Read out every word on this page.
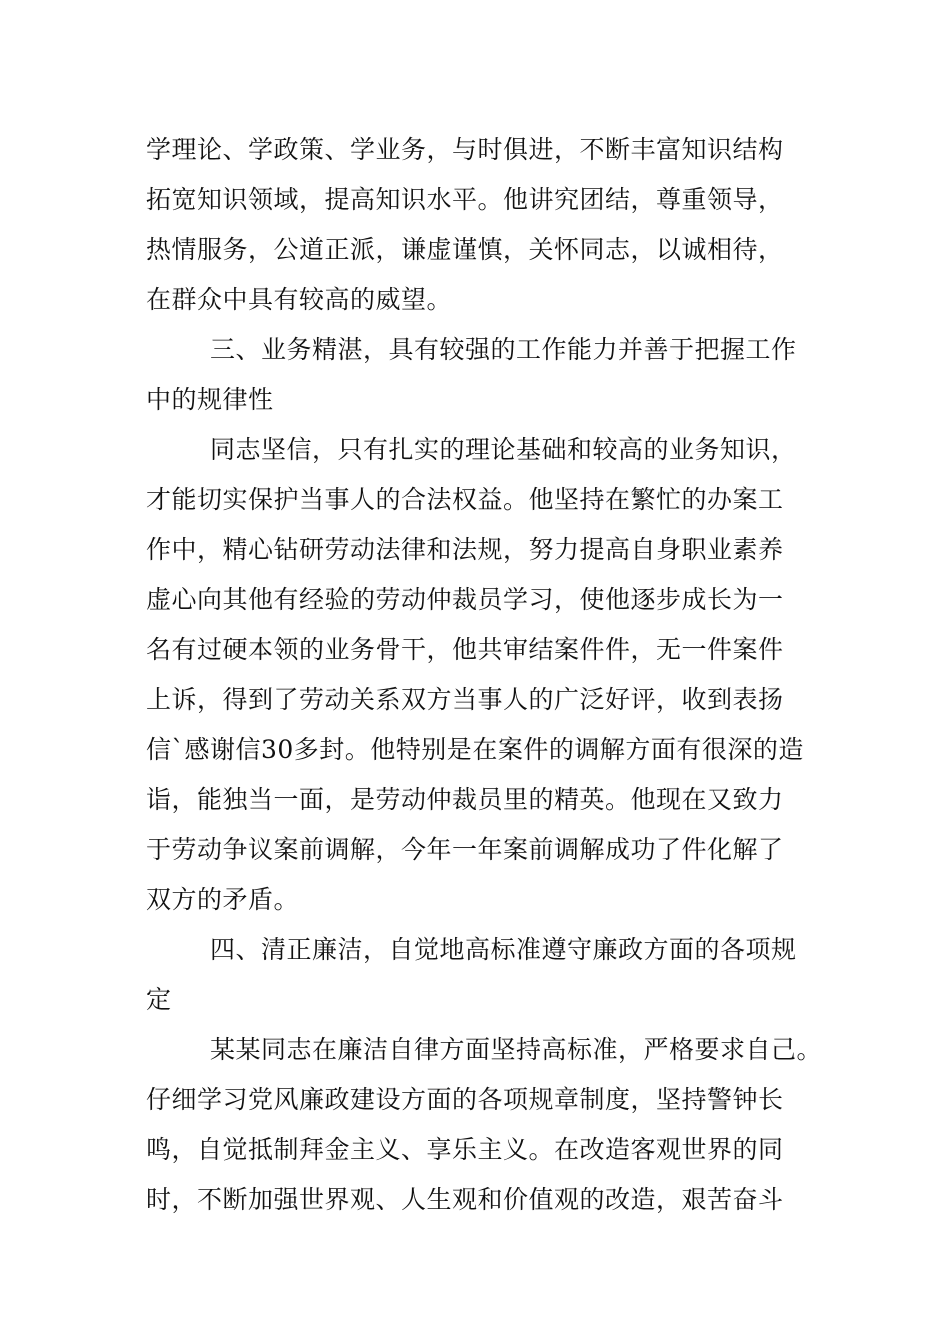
学理论、学政策、学业务，与时俱进，不断丰富知识结构
拓宽知识领域，提高知识水平。他讲究团结，尊重领导，
热情服务，公道正派，谦虚谨慎，关怀同志，以诚相待，
在群众中具有较高的威望。
三、业务精湛，具有较强的工作能力并善于把握工作
中的规律性
同志坚信，只有扎实的理论基础和较高的业务知识，
才能切实保护当事人的合法权益。他坚持在繁忙的办案工
作中，精心钻研劳动法律和法规，努力提高自身职业素养
虚心向其他有经验的劳动仲裁员学习，使他逐步成长为一
名有过硬本领的业务骨干，他共审结案件件，无一件案件
上诉，得到了劳动关系双方当事人的广泛好评，收到表扬
信`感谢信30多封。他特别是在案件的调解方面有很深的造
诣，能独当一面，是劳动仲裁员里的精英。他现在又致力
于劳动争议案前调解，今年一年案前调解成功了件化解了
双方的矛盾。
四、清正廉洁，自觉地高标准遵守廉政方面的各项规
定
某某同志在廉洁自律方面坚持高标准，严格要求自己。
仔细学习党风廉政建设方面的各项规章制度，坚持警钟长
鸣，自觉抵制拜金主义、享乐主义。在改造客观世界的同
时，不断加强世界观、人生观和价值观的改造，艰苦奋斗
